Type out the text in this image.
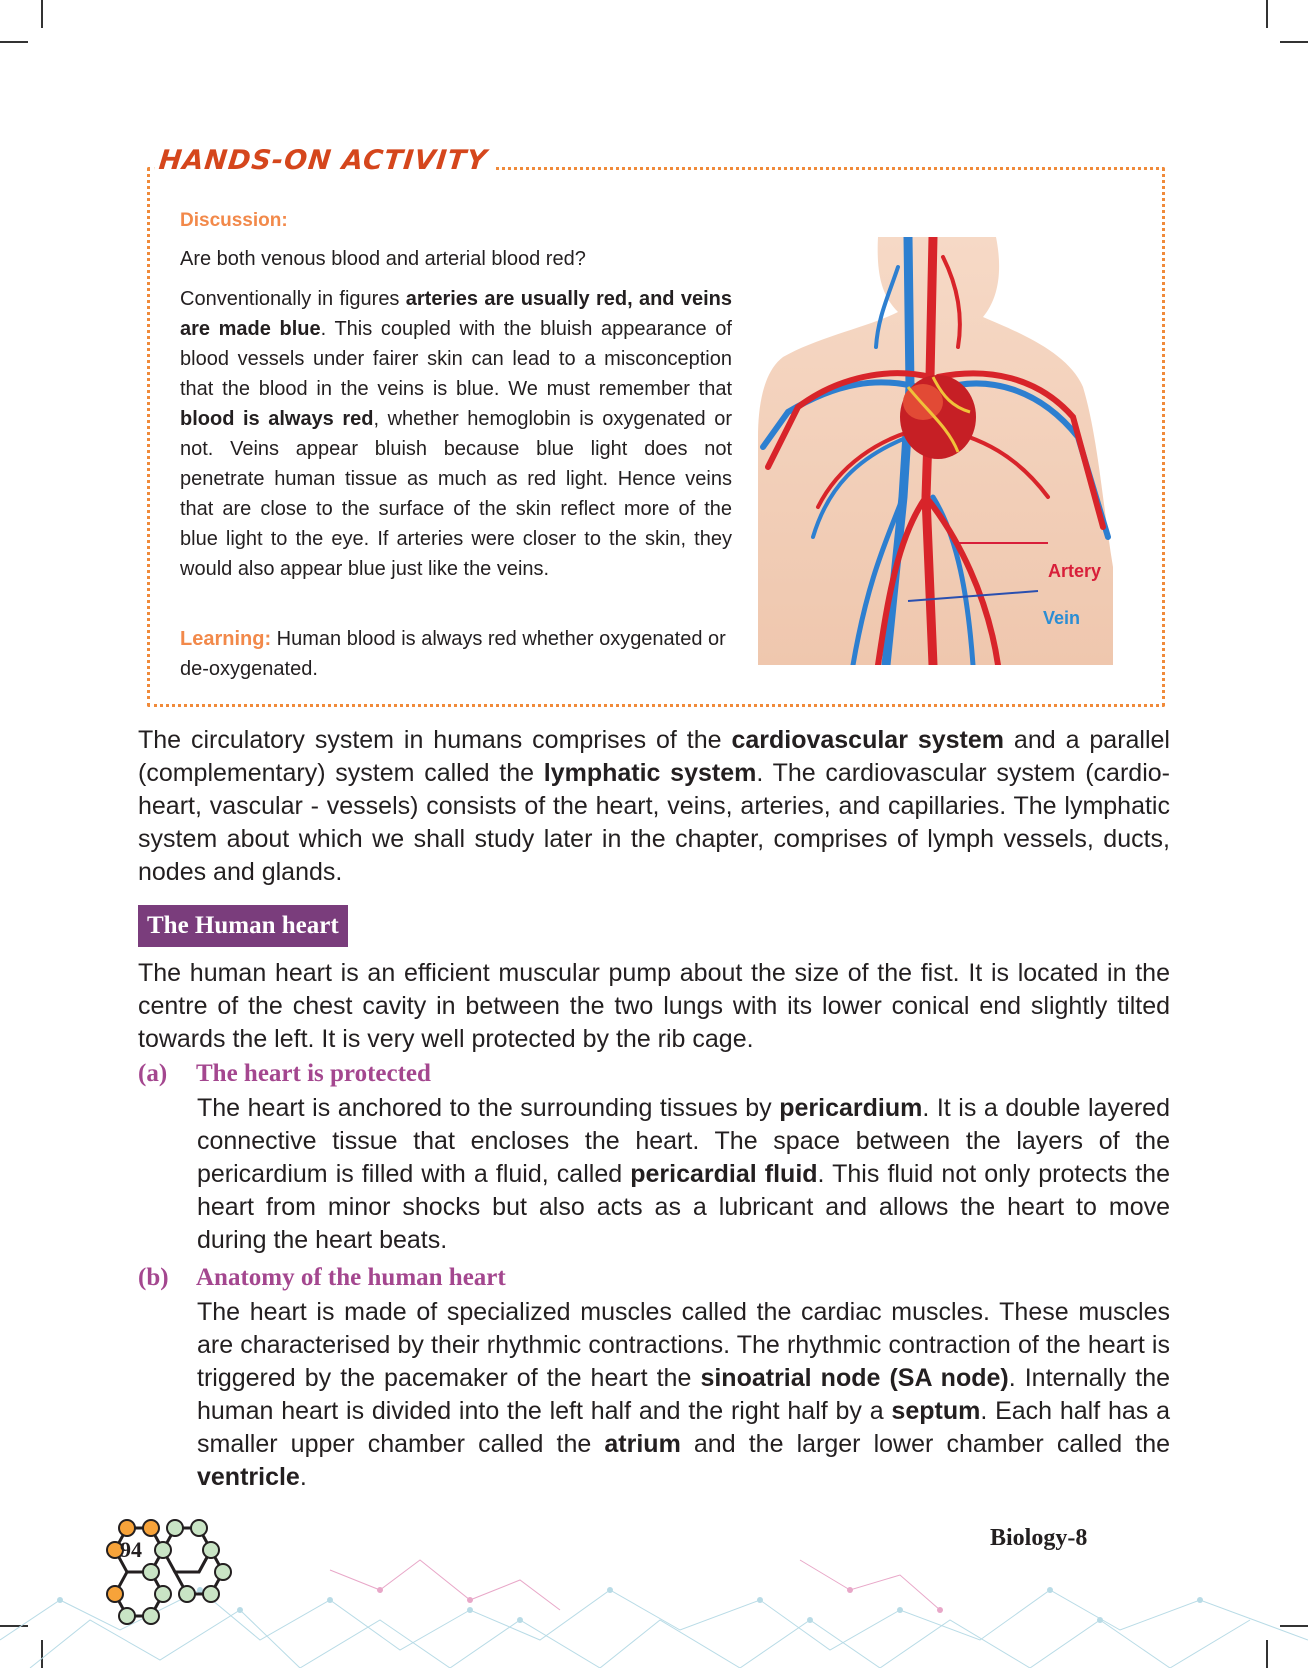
HANDS-ON ACTIVITY
Discussion:
Are both venous blood and arterial blood red?

Conventionally in figures arteries are usually red, and veins are made blue. This coupled with the bluish appearance of blood vessels under fairer skin can lead to a misconception that the blood in the veins is blue. We must remember that blood is always red, whether hemoglobin is oxygenated or not. Veins appear bluish because blue light does not penetrate human tissue as much as red light. Hence veins that are close to the surface of the skin reflect more of the blue light to the eye. If arteries were closer to the skin, they would also appear blue just like the veins.

Learning: Human blood is always red whether oxygenated or de-oxygenated.

Artery
Vein

The circulatory system in humans comprises of the cardiovascular system and a parallel (complementary) system called the lymphatic system. The cardiovascular system (cardio-heart, vascular - vessels) consists of the heart, veins, arteries, and capillaries. The lymphatic system about which we shall study later in the chapter, comprises of lymph vessels, ducts, nodes and glands.

The Human heart

The human heart is an efficient muscular pump about the size of the fist. It is located in the centre of the chest cavity in between the two lungs with its lower conical end slightly tilted towards the left. It is very well protected by the rib cage.

(a) The heart is protected

The heart is anchored to the surrounding tissues by pericardium. It is a double layered connective tissue that encloses the heart. The space between the layers of the pericardium is filled with a fluid, called pericardial fluid. This fluid not only protects the heart from minor shocks but also acts as a lubricant and allows the heart to move during the heart beats.

(b) Anatomy of the human heart

The heart is made of specialized muscles called the cardiac muscles. These muscles are characterised by their rhythmic contractions. The rhythmic contraction of the heart is triggered by the pacemaker of the heart the sinoatrial node (SA node). Internally the human heart is divided into the left half and the right half by a septum. Each half has a smaller upper chamber called the atrium and the larger lower chamber called the ventricle.

94	Biology-8
